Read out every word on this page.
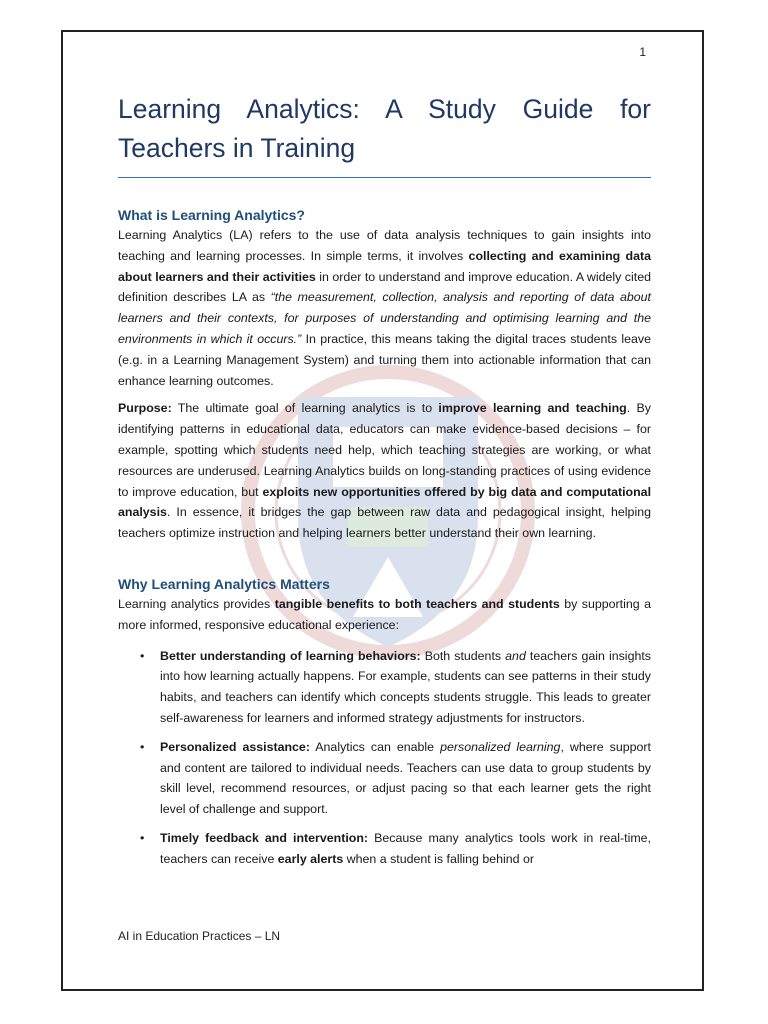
1
Learning Analytics: A Study Guide for Teachers in Training
What is Learning Analytics?

Learning Analytics (LA) refers to the use of data analysis techniques to gain insights into teaching and learning processes. In simple terms, it involves collecting and examining data about learners and their activities in order to understand and improve education. A widely cited definition describes LA as “the measurement, collection, analysis and reporting of data about learners and their contexts, for purposes of understanding and optimising learning and the environments in which it occurs.” In practice, this means taking the digital traces students leave (e.g. in a Learning Management System) and turning them into actionable information that can enhance learning outcomes.

Purpose: The ultimate goal of learning analytics is to improve learning and teaching. By identifying patterns in educational data, educators can make evidence-based decisions – for example, spotting which students need help, which teaching strategies are working, or what resources are underused. Learning Analytics builds on long-standing practices of using evidence to improve education, but exploits new opportunities offered by big data and computational analysis. In essence, it bridges the gap between raw data and pedagogical insight, helping teachers optimize instruction and helping learners better understand their own learning.

Why Learning Analytics Matters

Learning analytics provides tangible benefits to both teachers and students by supporting a more informed, responsive educational experience:

• Better understanding of learning behaviors: Both students and teachers gain insights into how learning actually happens. For example, students can see patterns in their study habits, and teachers can identify which concepts students struggle. This leads to greater self-awareness for learners and informed strategy adjustments for instructors.
• Personalized assistance: Analytics can enable personalized learning, where support and content are tailored to individual needs. Teachers can use data to group students by skill level, recommend resources, or adjust pacing so that each learner gets the right level of challenge and support.
• Timely feedback and intervention: Because many analytics tools work in real-time, teachers can receive early alerts when a student is falling behind or
AI in Education Practices – LN
